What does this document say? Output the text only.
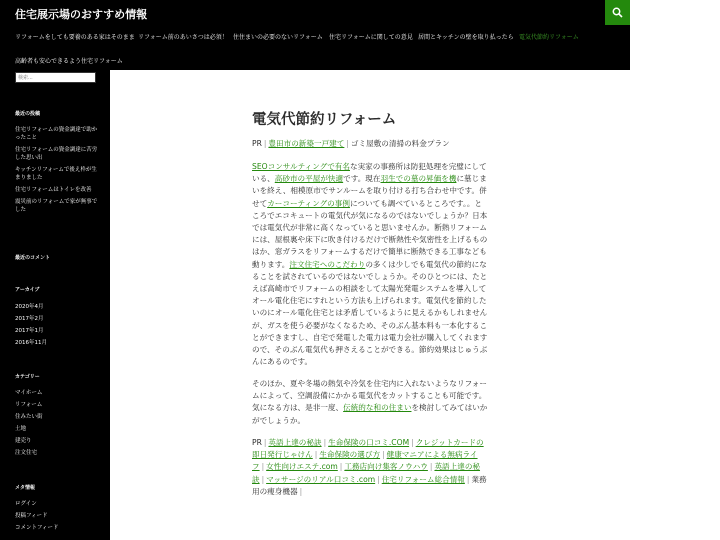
住宅展示場のおすすめ情報
リフォームをしても要養のある家はそのまま リフォーム前のあいさつは必須！ 住住まいの必要のないリフォーム 住宅リフォームに関しての意見 居間とキッチンの壁を取り払ったら 電気代節約リフォーム
高齢者も安心できるよう住宅リフォーム
検索...
最近の投稿
住宅リフォームの資金調達で助かったこと
住宅リフォームの資金調達に苦労した思い出
キッチンリフォームで後え枠が生まりました
住宅リフォームはトイレを改善
震災前のリフォームで家が無事でした
最近のコメント
アーカイブ
2020年4月
2017年2月
2017年1月
2016年11月
カテゴリー
マイホーム
リフォーム
住みたい街
土地
建売り
注文住宅
メタ情報
ログイン
投稿フィード
コメントフィード
電気代節約リフォーム
PR | 豊田市の新築一戸建て | ゴミ屋敷の清掃の料金プラン
SEOコンサルティングで有名な実家の事務所は防犯処理を完璧にしている、高砂市の平屋が快適です。現在羽生での墓の昇価を機に墓じまいを終え、相模原市でサンルームを取り付ける打ち合わせ中です。併せてカーコーティングの事例についても調べているところです。。ところでエコキュートの電気代が気になるのではないでしょうか？日本では電気代が非常に高くなっていると思いませんか。断熱リフォームには、屋根裏や床下に吹き付けるだけで断熱性や気密性を上げるものはか、窓ガラスをリフォームするだけで簡単に断熱できる工事なども動ります。注文住宅へのこだわりの多くは少しでも電気代の節約になることを試されているのではないでしょうか。そのひとつには、たとえば高崎市でリフォームの相談をして太陽光発電システムを導入してオール電化住宅にすれという方法も上げられます。電気代を節約したいのにオール電化住宅とは矛盾しているように見えるかもしれませんが、ガスを使う必要がなくなるため、そのぶん基本料も一本化することができますし、自宅で発電した電力は電力会社が購入してくれますので、そのぶん電気代も押さえることができる。節約効果はじゅうぶんにあるのです。
そのほか、夏や冬場の熱気や冷気を住宅内に入れないようなリフォームによって、空調設備にかかる電気代をカットすることも可能です。気になる方は、是非一度、伝統的な和の住まいを検討してみてはいかがでしょうか。
PR | 英語上達の秘訣 | 生命保険の口コミ.COM | クレジットカードの即日発行じゃけん | 生命保険の選び方 | 健康マニアによる無病ライフ | 女性向けエステ.com | 工務店向け集客ノウハウ | 英語上達の秘訣 | マッサージのリアル口コミ.com | 住宅リフォーム総合情報 | 業務用の痩身機器 |
